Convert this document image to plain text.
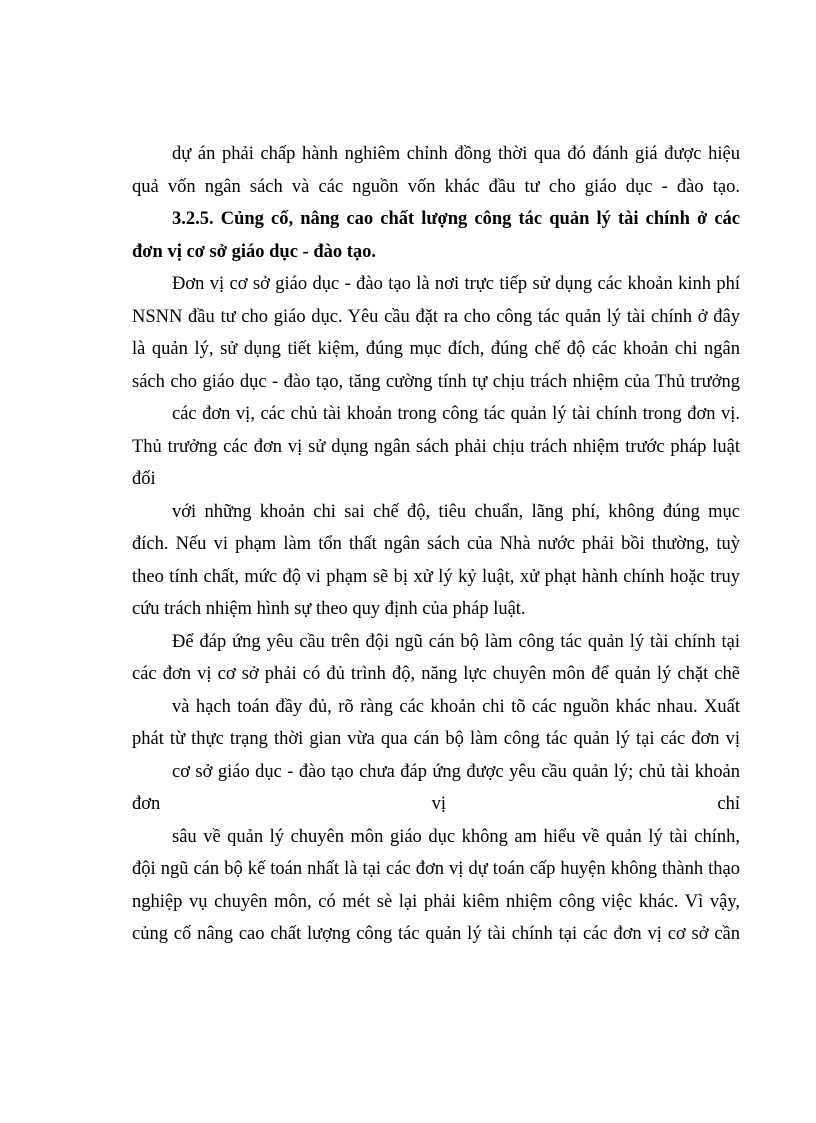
dự án phải chấp hành nghiêm chỉnh đồng thời qua đó đánh giá được hiệu
quả vốn ngân sách và các nguồn vốn khác đầu tư cho giáo dục - đào tạo.
3.2.5. Củng cố, nâng cao chất lượng công tác quản lý tài chính ở các
đơn vị cơ sở giáo dục - đào tạo.
Đơn vị cơ sở giáo dục - đào tạo là nơi trực tiếp sử dụng các khoản kinh phí
NSNN đầu tư cho giáo dục. Yêu cầu đặt ra cho công tác quản lý tài chính ở đây
là quản lý, sử dụng tiết kiệm, đúng mục đích, đúng chế độ các khoản chi ngân
sách cho giáo dục - đào tạo, tăng cường tính tự chịu trách nhiệm của Thủ trưởng
các đơn vị, các chủ tài khoản trong công tác quản lý tài chính trong đơn vị.
Thủ trưởng các đơn vị sử dụng ngân sách phải chịu trách nhiệm trước pháp luật
đối
với những khoản chi sai chế độ, tiêu chuẩn, lãng phí, không đúng mục
đích. Nếu vi phạm làm tổn thất ngân sách của Nhà nước phải bồi thường, tuỳ
theo tính chất, mức độ vi phạm sẽ bị xử lý kỷ luật, xử phạt hành chính hoặc truy
cứu trách nhiệm hình sự theo quy định của pháp luật.
Để đáp ứng yêu cầu trên đội ngũ cán bộ làm công tác quản lý tài chính tại
các đơn vị cơ sở phải có đủ trình độ, năng lực chuyên môn để quản lý chặt chẽ
và hạch toán đầy đủ, rõ ràng các khoản chi tõ các nguồn khác nhau. Xuất
phát từ thực trạng thời gian vừa qua cán bộ làm công tác quản lý tại các đơn vị
cơ sở giáo dục - đào tạo chưa đáp ứng được yêu cầu quản lý; chủ tài khoản
đơn	vị	chỉ
sâu về quản lý chuyên môn giáo dục không am hiểu về quản lý tài chính,
đội ngũ cán bộ kế toán nhất là tại các đơn vị dự toán cấp huyện không thành thạo
nghiệp vụ chuyên môn, có mét sè lại phải kiêm nhiệm công việc khác. Vì vậy,
củng cố nâng cao chất lượng công tác quản lý tài chính tại các đơn vị cơ sở cần
